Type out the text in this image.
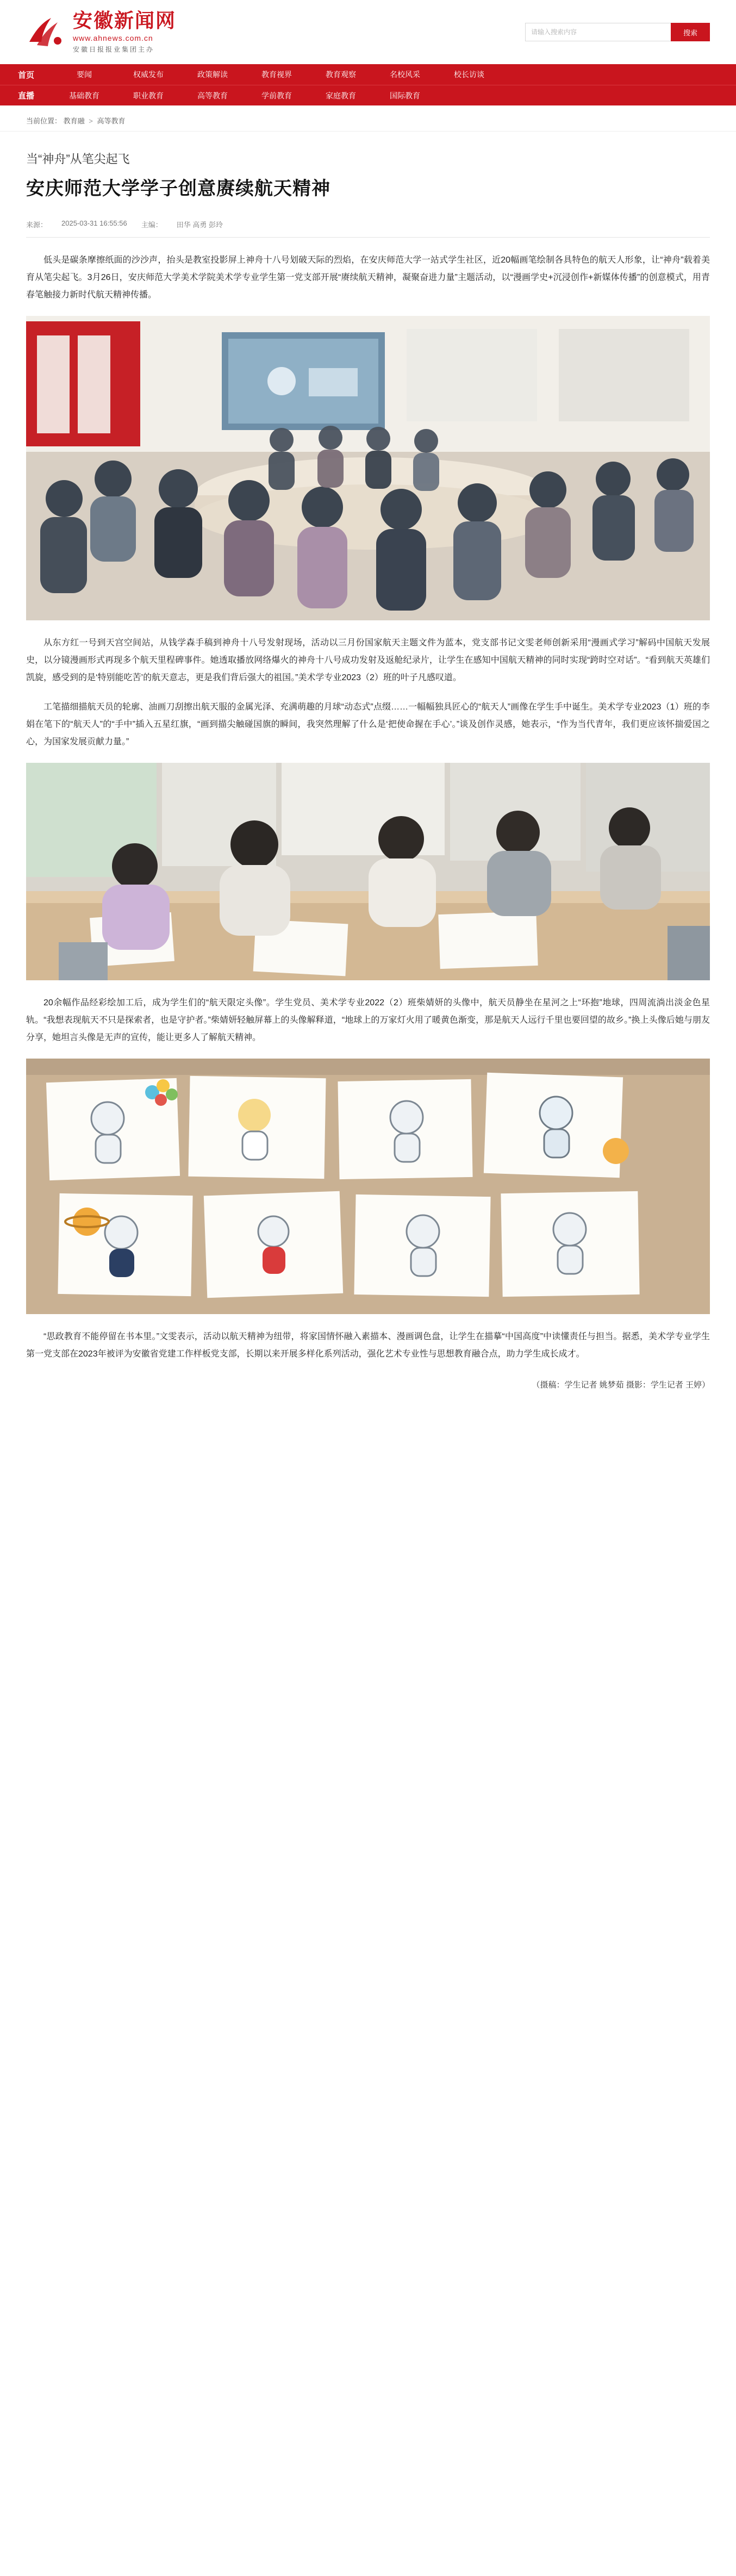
安徽新闻网
www.ahnews.com.cn
安徽日报报业集团主办
请输入搜索内容
搜索
首页	要闻	权威发布	政策解读	教育视界	教育观察	名校风采	校长访谈
直播	基础教育	职业教育	高等教育	学前教育	家庭教育	国际教育
当前位置： 教育融 > 高等教育
当“神舟”从笔尖起飞
安庆师范大学学子创意赓续航天精神
来源： 2025-03-31 16:55:56 主编： 田华 高勇 彭玲

低头是碳条摩擦纸面的沙沙声，抬头是教室投影屏上神舟十八号划破天际的烈焰，在安庆师范大学一站式学生社区，近20幅画笔绘制各具特色的航天人形象，让“神舟”载着美育从笔尖起飞。3月26日，安庆师范大学美术学院美术学专业学生第一党支部开展“赓续航天精神，凝聚奋进力量”主题活动，以“漫画学史+沉浸创作+新媒体传播”的创意模式，用青春笔触接力新时代航天精神传播。

从东方红一号到天宫空间站，从钱学森手稿到神舟十八号发射现场，活动以三月份国家航天主题文件为蓝本，党支部书记文雯老师创新采用“漫画式学习”解码中国航天发展史，以分镜漫画形式再现多个航天里程碑事件。她透取播放网络爆火的神舟十八号成功发射及返舱纪录片，让学生在感知中国航天精神的同时实现“跨时空对话”。“看到航天英雄们凯旋，感受到的是‘特别能吃苦’的航天意志，更是我们背后强大的祖国。”美术学专业2023（2）班的叶子凡感叹道。

工笔描细描航天员的轮廓、油画刀刮擦出航天服的金属光泽、充满萌趣的月球“动态式”点缀……一幅幅独具匠心的“航天人”画像在学生手中诞生。美术学专业2023（1）班的李娟在笔下的“航天人”的“手中”插入五星红旗，“画到描尖触碰国旗的瞬间，我突然理解了什么是‘把使命握在手心’。”谈及创作灵感，她表示，“作为当代青年，我们更应该怀揣爱国之心，为国家发展贡献力量。”

20余幅作品经彩绘加工后，成为学生们的“航天限定头像”。学生党员、美术学专业2022（2）班柴婧妍的头像中，航天员静坐在星河之上“环抱”地球，四周流淌出淡金色星轨。“我想表现航天不只是探索者，也是守护者。”柴婧妍轻触屏幕上的头像解释道，“地球上的万家灯火用了暖黄色渐变，那是航天人远行千里也要回望的故乡。”换上头像后她与朋友分享，她坦言头像是无声的宣传，能让更多人了解航天精神。

“思政教育不能停留在书本里。”文雯表示，活动以航天精神为纽带，将家国情怀融入素描本、漫画调色盘，让学生在描摹“中国高度”中读懂责任与担当。据悉，美术学专业学生第一党支部在2023年被评为安徽省党建工作样板党支部，长期以来开展多样化系列活动，强化艺术专业性与思想教育融合点，助力学生成长成才。

（摄稿：学生记者 姚梦茹 摄影：学生记者 王婷）
